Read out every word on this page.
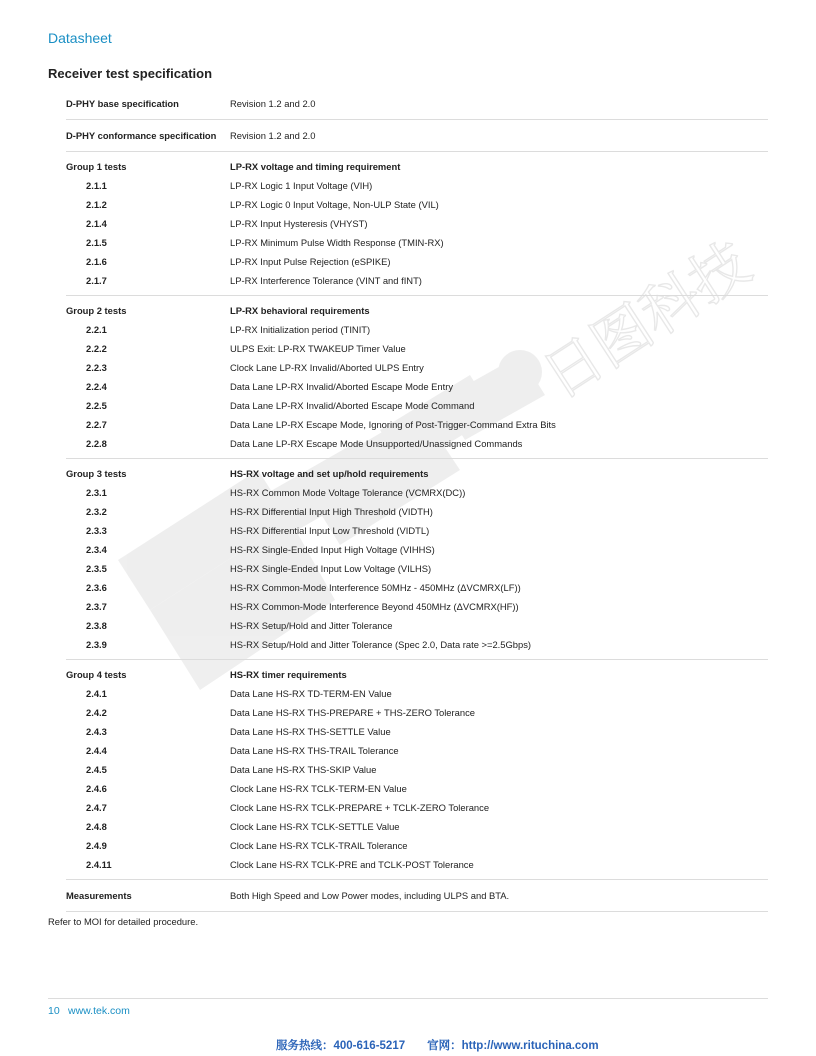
日图科技
Datasheet
Receiver test specification
D-PHY base specification	Revision 1.2 and 2.0
D-PHY conformance specification	Revision 1.2 and 2.0
Group 1 tests	LP-RX voltage and timing requirement
2.1.1	LP-RX Logic 1 Input Voltage (VIH)
2.1.2	LP-RX Logic 0 Input Voltage, Non-ULP State (VIL)
2.1.4	LP-RX Input Hysteresis (VHYST)
2.1.5	LP-RX Minimum Pulse Width Response (TMIN-RX)
2.1.6	LP-RX Input Pulse Rejection (eSPIKE)
2.1.7	LP-RX Interference Tolerance (VINT and fINT)
Group 2 tests	LP-RX behavioral requirements
2.2.1	LP-RX Initialization period (TINIT)
2.2.2	ULPS Exit: LP-RX TWAKEUP Timer Value
2.2.3	Clock Lane LP-RX Invalid/Aborted ULPS Entry
2.2.4	Data Lane LP-RX Invalid/Aborted Escape Mode Entry
2.2.5	Data Lane LP-RX Invalid/Aborted Escape Mode Command
2.2.7	Data Lane LP-RX Escape Mode, Ignoring of Post-Trigger-Command Extra Bits
2.2.8	Data Lane LP-RX Escape Mode Unsupported/Unassigned Commands
Group 3 tests	HS-RX voltage and set up/hold requirements
2.3.1	HS-RX Common Mode Voltage Tolerance (VCMRX(DC))
2.3.2	HS-RX Differential Input High Threshold (VIDTH)
2.3.3	HS-RX Differential Input Low Threshold (VIDTL)
2.3.4	HS-RX Single-Ended Input High Voltage (VIHHS)
2.3.5	HS-RX Single-Ended Input Low Voltage (VILHS)
2.3.6	HS-RX Common-Mode Interference 50MHz - 450MHz (ΔVCMRX(LF))
2.3.7	HS-RX Common-Mode Interference Beyond 450MHz (ΔVCMRX(HF))
2.3.8	HS-RX Setup/Hold and Jitter Tolerance
2.3.9	HS-RX Setup/Hold and Jitter Tolerance (Spec 2.0, Data rate >=2.5Gbps)
Group 4 tests	HS-RX timer requirements
2.4.1	Data Lane HS-RX TD-TERM-EN Value
2.4.2	Data Lane HS-RX THS-PREPARE + THS-ZERO Tolerance
2.4.3	Data Lane HS-RX THS-SETTLE Value
2.4.4	Data Lane HS-RX THS-TRAIL Tolerance
2.4.5	Data Lane HS-RX THS-SKIP Value
2.4.6	Clock Lane HS-RX TCLK-TERM-EN Value
2.4.7	Clock Lane HS-RX TCLK-PREPARE + TCLK-ZERO Tolerance
2.4.8	Clock Lane HS-RX TCLK-SETTLE Value
2.4.9	Clock Lane HS-RX TCLK-TRAIL Tolerance
2.4.11	Clock Lane HS-RX TCLK-PRE and TCLK-POST Tolerance
Measurements	Both High Speed and Low Power modes, including ULPS and BTA.
Refer to MOI for detailed procedure.
10 www.tek.com
服务热线：400-616-5217 官网：http://www.rituchina.com
